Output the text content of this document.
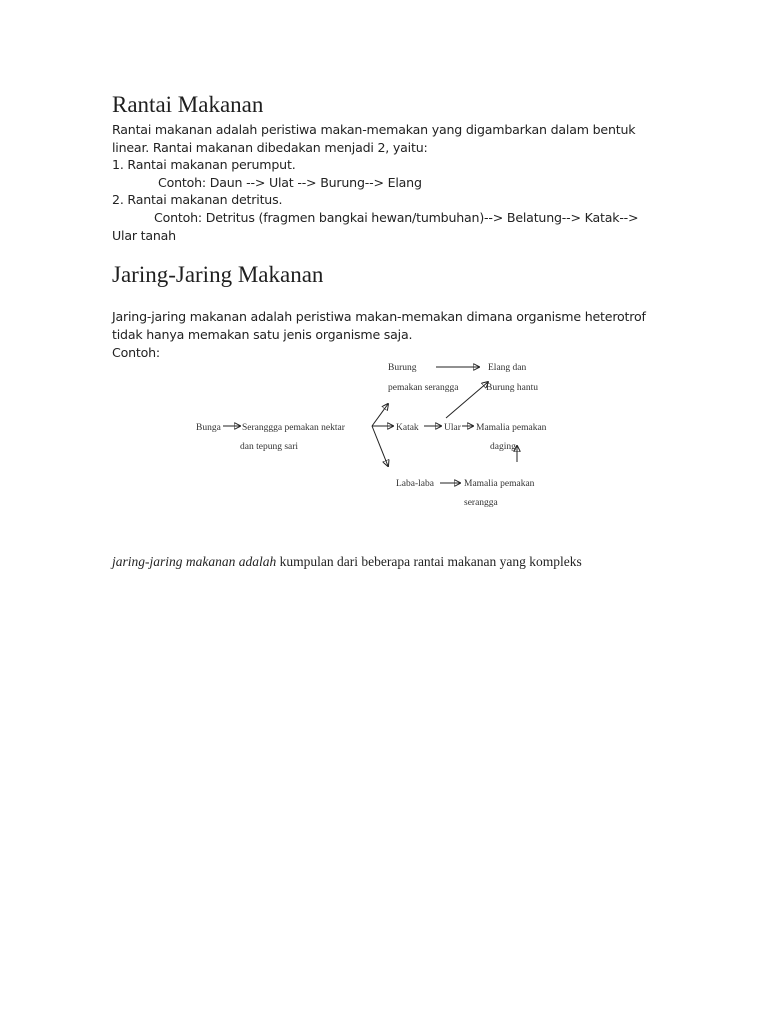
Rantai Makanan
Rantai makanan adalah peristiwa makan-memakan yang digambarkan dalam bentuk
linear. Rantai makanan dibedakan menjadi 2, yaitu:
1. Rantai makanan perumput.
Contoh: Daun --> Ulat --> Burung--> Elang
2. Rantai makanan detritus.
Contoh: Detritus (fragmen bangkai hewan/tumbuhan)--> Belatung--> Katak-->
Ular tanah
Jaring-Jaring Makanan
Jaring-jaring makanan adalah peristiwa makan-memakan dimana organisme heterotrof
tidak hanya memakan satu jenis organisme saja.
Contoh:
Burung
pemakan serangga
Elang dan
Burung hantu
Bunga Seranggga pemakan nektar
dan tepung sari
Katak	Ular Mamalia pemakan
daging
Laba-laba	Mamalia pemakan
serangga
jaring-jaring makanan adalah kumpulan dari beberapa rantai makanan yang kompleks
